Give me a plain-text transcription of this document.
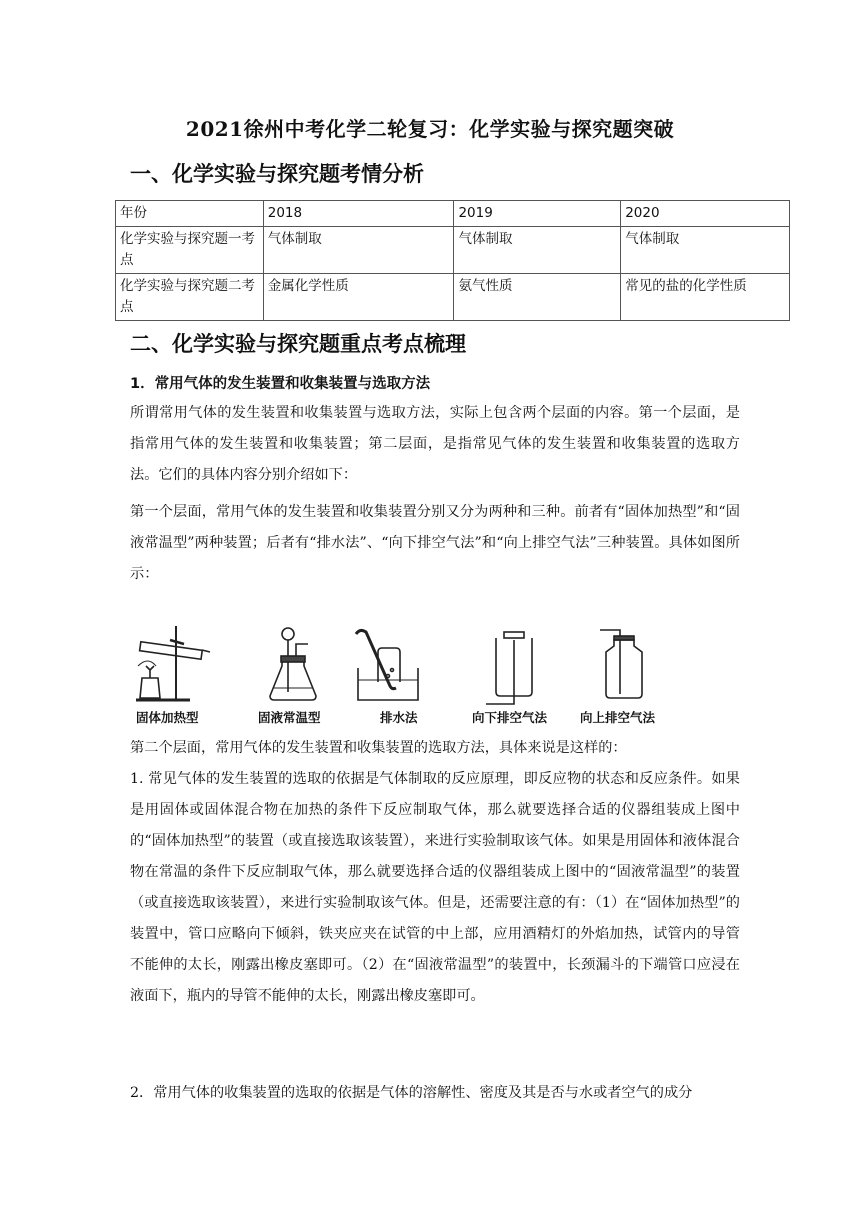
2021徐州中考化学二轮复习：化学实验与探究题突破
一、化学实验与探究题考情分析
年份	2018	2019	2020
化学实验与探究题一考点	气体制取	气体制取	气体制取
化学实验与探究题二考点	金属化学性质	氨气性质	常见的盐的化学性质
二、化学实验与探究题重点考点梳理
1．常用气体的发生装置和收集装置与选取方法
所谓常用气体的发生装置和收集装置与选取方法，实际上包含两个层面的内容。第一个层面，是指常用气体的发生装置和收集装置；第二层面，是指常见气体的发生装置和收集装置的选取方法。它们的具体内容分别介绍如下：
第一个层面，常用气体的发生装置和收集装置分别又分为两种和三种。前者有“固体加热型”和“固液常温型”两种装置；后者有“排水法”、“向下排空气法”和“向上排空气法”三种装置。具体如图所示：
固体加热型	固液常温型	排水法	向下排空气法	向上排空气法
第二个层面，常用气体的发生装置和收集装置的选取方法，具体来说是这样的：
1. 常见气体的发生装置的选取的依据是气体制取的反应原理，即反应物的状态和反应条件。如果是用固体或固体混合物在加热的条件下反应制取气体，那么就要选择合适的仪器组装成上图中的“固体加热型”的装置（或直接选取该装置），来进行实验制取该气体。如果是用固体和液体混合物在常温的条件下反应制取气体，那么就要选择合适的仪器组装成上图中的“固液常温型”的装置（或直接选取该装置），来进行实验制取该气体。但是，还需要注意的有：（1）在“固体加热型”的装置中，管口应略向下倾斜，铁夹应夹在试管的中上部，应用酒精灯的外焰加热，试管内的导管不能伸的太长，刚露出橡皮塞即可。（2）在“固液常温型”的装置中，长颈漏斗的下端管口应浸在液面下，瓶内的导管不能伸的太长，刚露出橡皮塞即可。
2．常用气体的收集装置的选取的依据是气体的溶解性、密度及其是否与水或者空气的成分
